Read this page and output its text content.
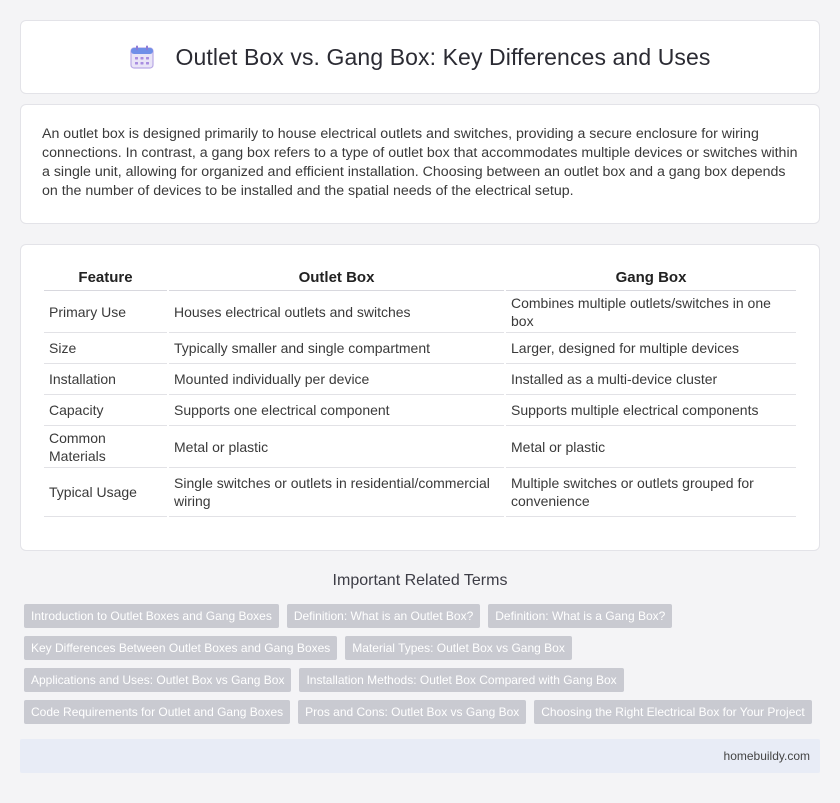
Outlet Box vs. Gang Box: Key Differences and Uses

An outlet box is designed primarily to house electrical outlets and switches, providing a secure enclosure for wiring connections. In contrast, a gang box refers to a type of outlet box that accommodates multiple devices or switches within a single unit, allowing for organized and efficient installation. Choosing between an outlet box and a gang box depends on the number of devices to be installed and the spatial needs of the electrical setup.

Feature	Outlet Box	Gang Box
Primary Use	Houses electrical outlets and switches	Combines multiple outlets/switches in one box
Size	Typically smaller and single compartment	Larger, designed for multiple devices
Installation	Mounted individually per device	Installed as a multi-device cluster
Capacity	Supports one electrical component	Supports multiple electrical components
Common Materials	Metal or plastic	Metal or plastic
Typical Usage	Single switches or outlets in residential/commercial wiring	Multiple switches or outlets grouped for convenience
Important Related Terms
Introduction to Outlet Boxes and Gang Boxes	Definition: What is an Outlet Box?	Definition: What is a Gang Box?
Key Differences Between Outlet Boxes and Gang Boxes	Material Types: Outlet Box vs Gang Box
Applications and Uses: Outlet Box vs Gang Box	Installation Methods: Outlet Box Compared with Gang Box
Code Requirements for Outlet and Gang Boxes	Pros and Cons: Outlet Box vs Gang Box	Choosing the Right Electrical Box for Your Project
homebuildy.com
